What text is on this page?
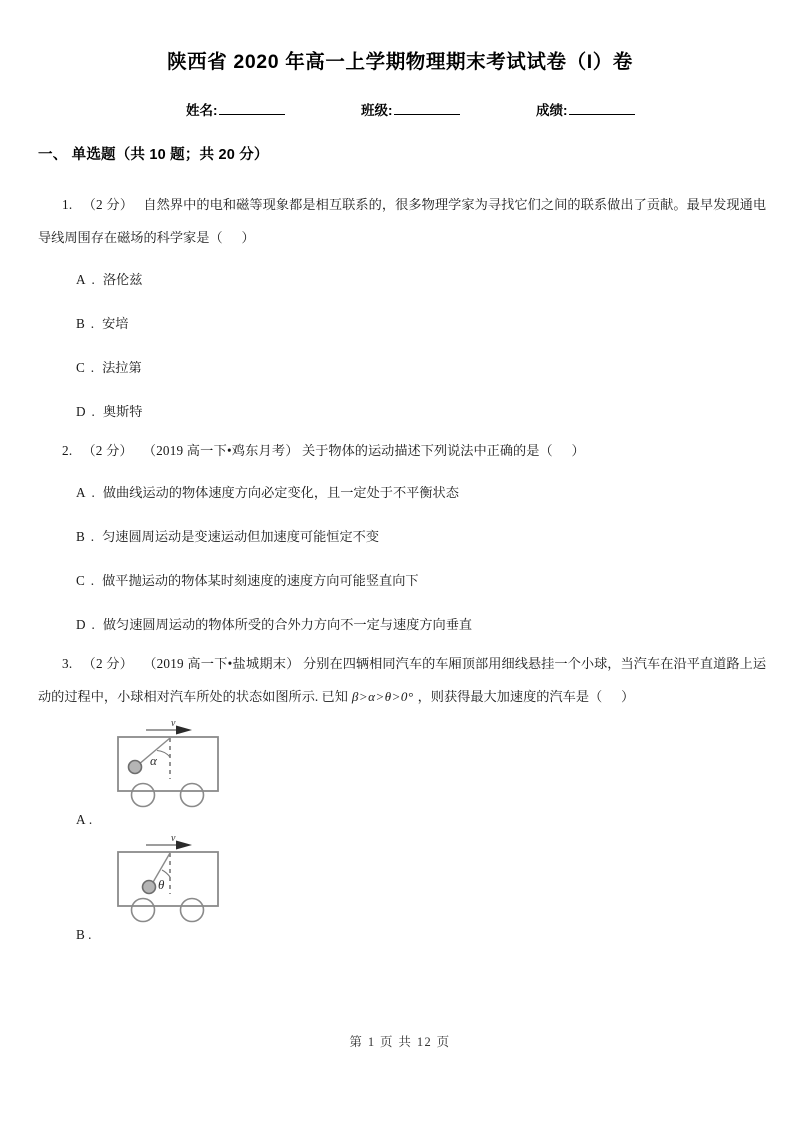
陕西省 2020 年高一上学期物理期末考试试卷（I）卷
姓名:	班级:	成绩:
一、 单选题（共 10 题；共 20 分）
1. （2 分） 自然界中的电和磁等现象都是相互联系的，很多物理学家为寻找它们之间的联系做出了贡献。最早发现通电导线周围存在磁场的科学家是（ ）
A . 洛伦兹
B . 安培
C . 法拉第
D . 奥斯特
2. （2 分） （2019 高一下•鸡东月考） 关于物体的运动描述下列说法中正确的是（ ）
A . 做曲线运动的物体速度方向必定变化，且一定处于不平衡状态
B . 匀速圆周运动是变速运动但加速度可能恒定不变
C . 做平抛运动的物体某时刻速度的速度方向可能竖直向下
D . 做匀速圆周运动的物体所受的合外力方向不一定与速度方向垂直
3. （2 分） （2019 高一下•盐城期末） 分别在四辆相同汽车的车厢顶部用细线悬挂一个小球，当汽车在沿平直道路上运动的过程中，小球相对汽车所处的状态如图所示. 已知 β>α>θ>0° ，则获得最大加速度的汽车是（ ）
A .
v
α
B .
v
θ
第 1 页 共 12 页
